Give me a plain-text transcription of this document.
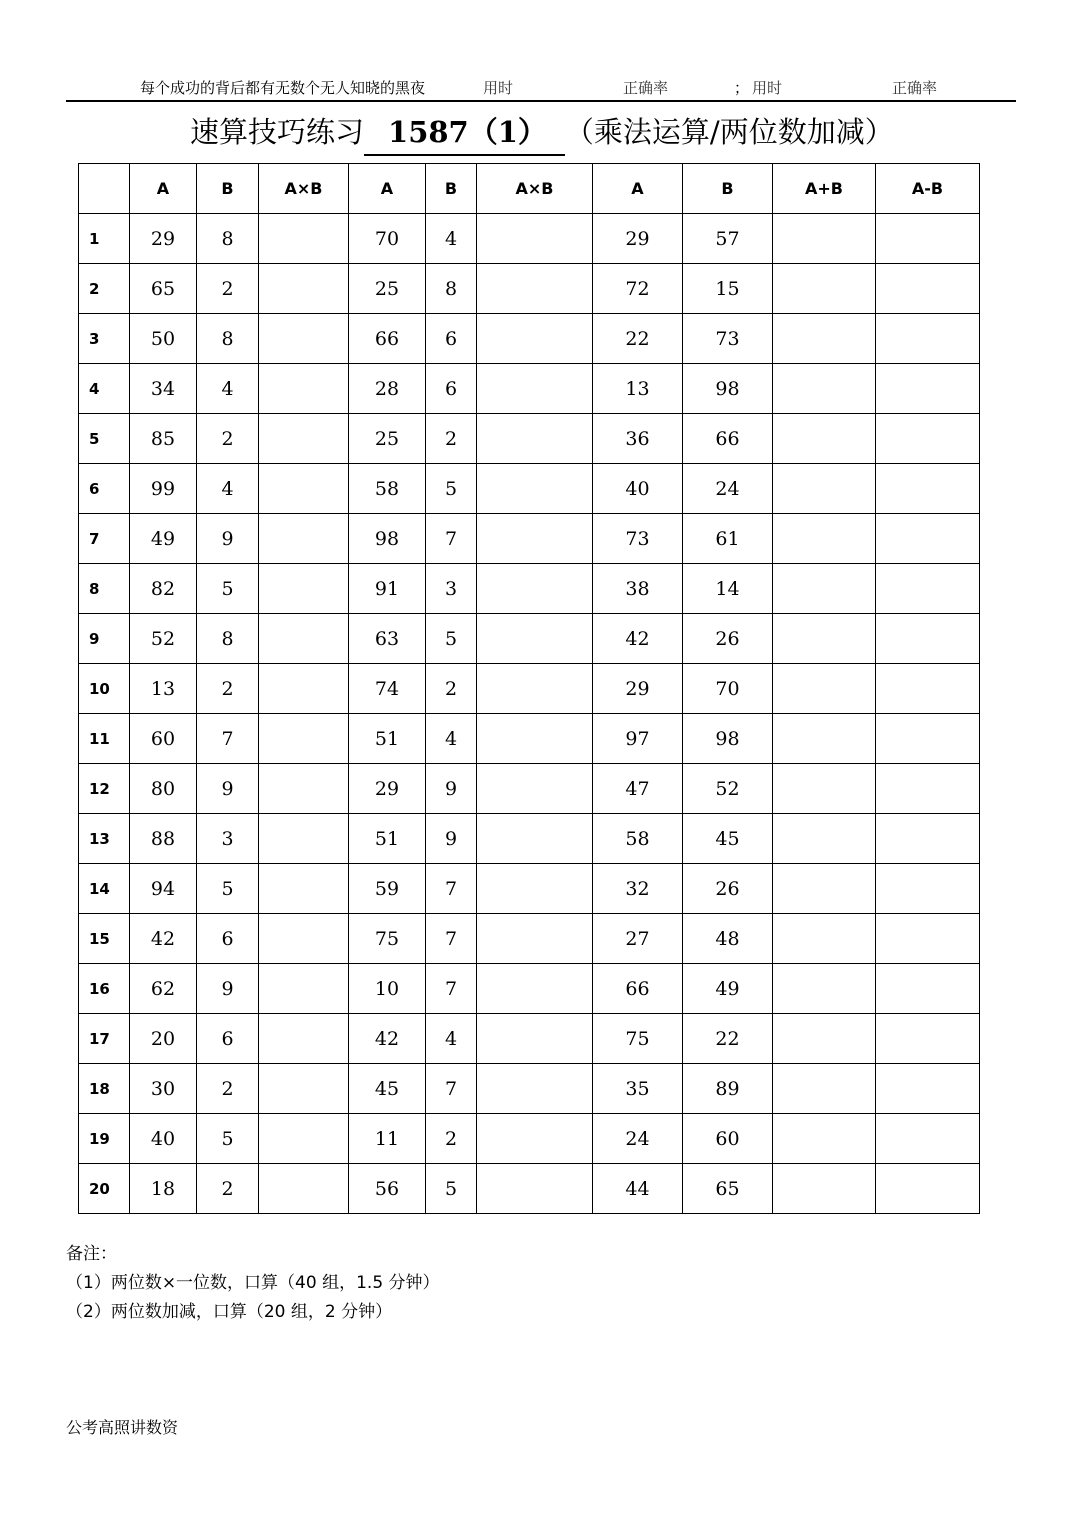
每个成功的背后都有无数个无人知晓的黑夜	用时	正确率	； 用时	正确率
速算技巧练习 1587（1） （乘法运算/两位数加减）
	A	B	A×B	A	B	A×B	A	B	A+B	A-B
1	29	8		70	4		29	57		
2	65	2		25	8		72	15		
3	50	8		66	6		22	73		
4	34	4		28	6		13	98		
5	85	2		25	2		36	66		
6	99	4		58	5		40	24		
7	49	9		98	7		73	61		
8	82	5		91	3		38	14		
9	52	8		63	5		42	26		
10	13	2		74	2		29	70		
11	60	7		51	4		97	98		
12	80	9		29	9		47	52		
13	88	3		51	9		58	45		
14	94	5		59	7		32	26		
15	42	6		75	7		27	48		
16	62	9		10	7		66	49		
17	20	6		42	4		75	22		
18	30	2		45	7		35	89		
19	40	5		11	2		24	60		
20	18	2		56	5		44	65		
备注：
（1）两位数×一位数，口算（40 组，1.5 分钟）
（2）两位数加减，口算（20 组，2 分钟）
公考高照讲数资
